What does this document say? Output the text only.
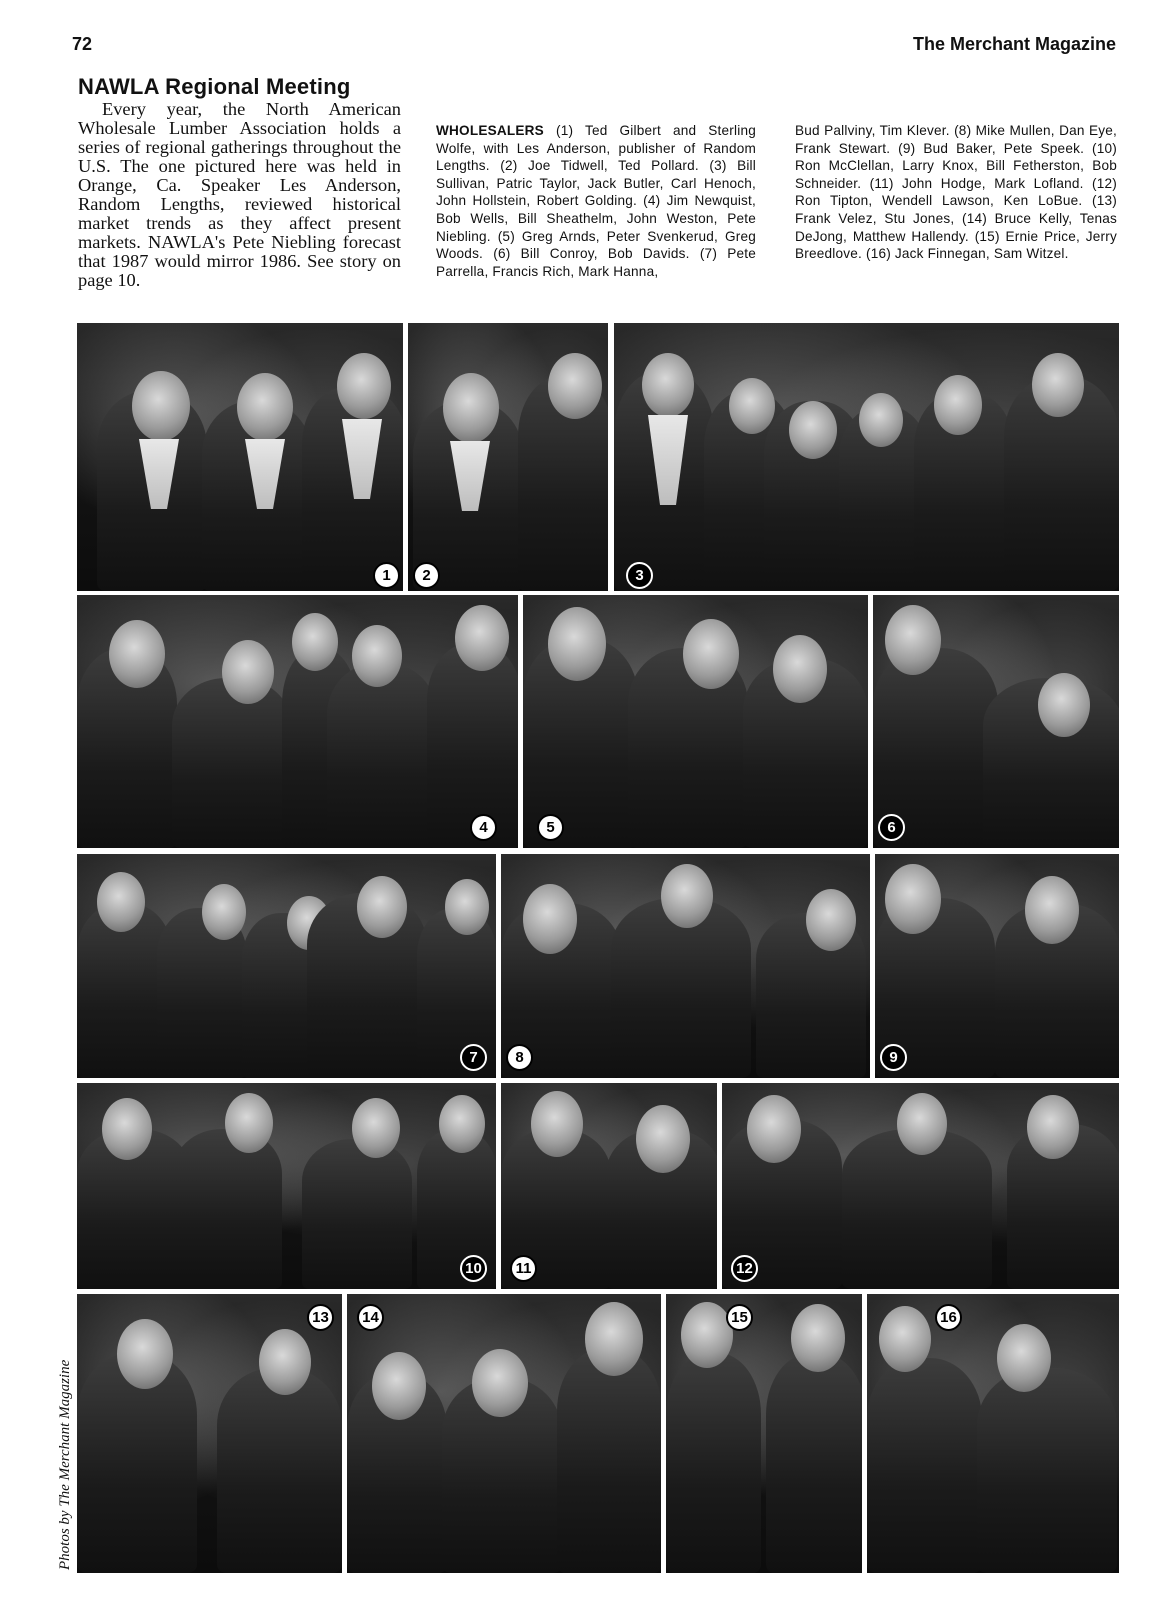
72	The Merchant Magazine
NAWLA Regional Meeting

Every year, the North American Wholesale Lumber Association holds a series of regional gatherings throughout the U.S. The one pictured here was held in Orange, Ca. Speaker Les Anderson, Random Lengths, reviewed historical market trends as they affect present markets. NAWLA's Pete Niebling forecast that 1987 would mirror 1986. See story on page 10.

WHOLESALERS (1) Ted Gilbert and Sterling Wolfe, with Les Anderson, publisher of Random Lengths. (2) Joe Tidwell, Ted Pollard. (3) Bill Sullivan, Patric Taylor, Jack Butler, Carl Henoch, John Hollstein, Robert Golding. (4) Jim Newquist, Bob Wells, Bill Sheathelm, John Weston, Pete Niebling. (5) Greg Arnds, Peter Svenkerud, Greg Woods. (6) Bill Conroy, Bob Davids. (7) Pete Parrella, Francis Rich, Mark Hanna,
Bud Pallviny, Tim Klever. (8) Mike Mullen, Dan Eye, Frank Stewart. (9) Bud Baker, Pete Speek. (10) Ron McClellan, Larry Knox, Bill Fetherston, Bob Schneider. (11) John Hodge, Mark Lofland. (12) Ron Tipton, Wendell Lawson, Ken LoBue. (13) Frank Velez, Stu Jones, (14) Bruce Kelly, Tenas DeJong, Matthew Hallendy. (15) Ernie Price, Jerry Breedlove. (16) Jack Finnegan, Sam Witzel.
Photos by The Merchant Magazine
1	2	3
4	5	6
7	8	9
10	11	12
13	14	15	16
